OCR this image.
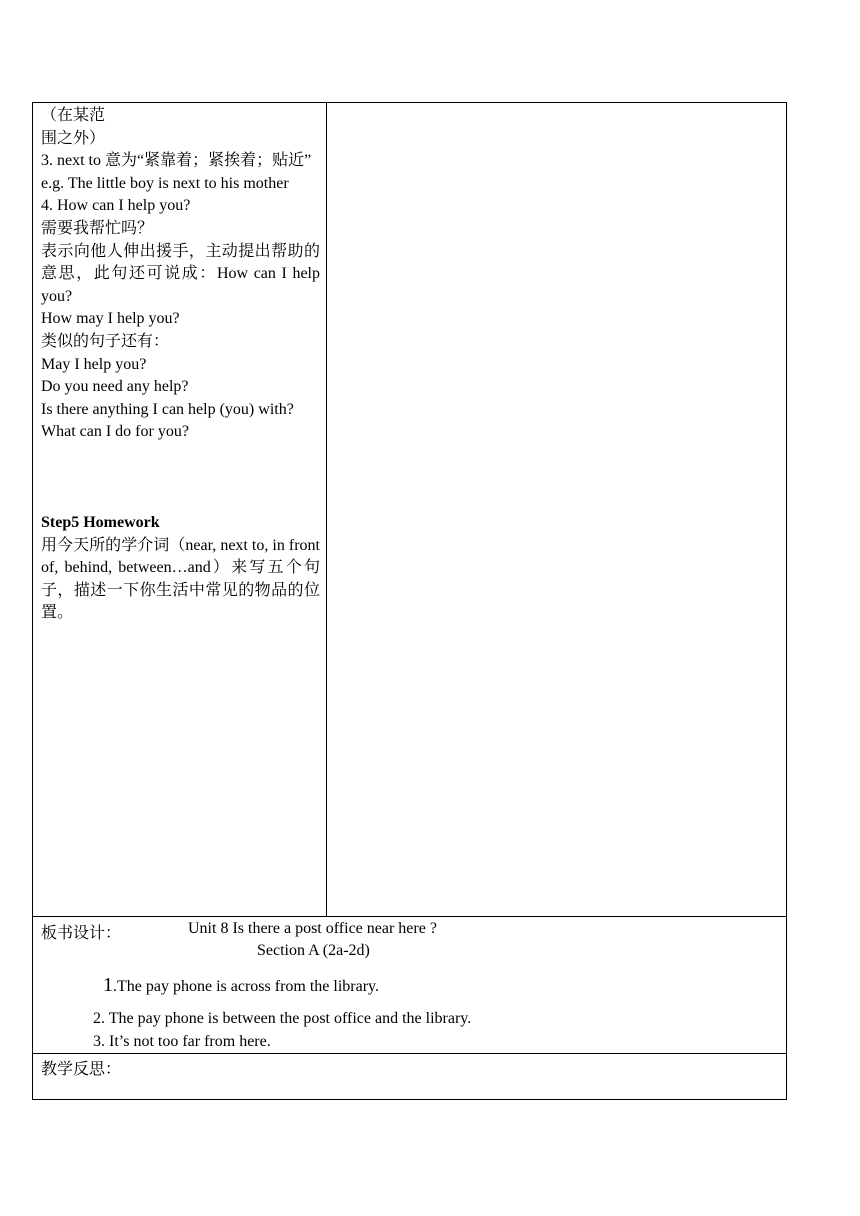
（在某范
围之外）
3. next to 意为“紧靠着；紧挨着；贴近”
e.g. The little boy is next to his mother
4. How can I help you?
需要我帮忙吗？
表示向他人伸出援手，主动提出帮助的意思，此句还可说成：How can I help you?
How may I help you?
类似的句子还有：
May I help you?
Do you need any help?
Is there anything I can help (you) with?
What can I do for you?
Step5 Homework
用今天所的学介词（near, next to, in front of, behind, between…and）来写五个句子，描述一下你生活中常见的物品的位置。

板书设计：	Unit 8 Is there a post office near here ?
Section A (2a-2d)
1.The pay phone is across from the library.
2. The pay phone is between the post office and the library.
3. It’s not too far from here.

教学反思：
